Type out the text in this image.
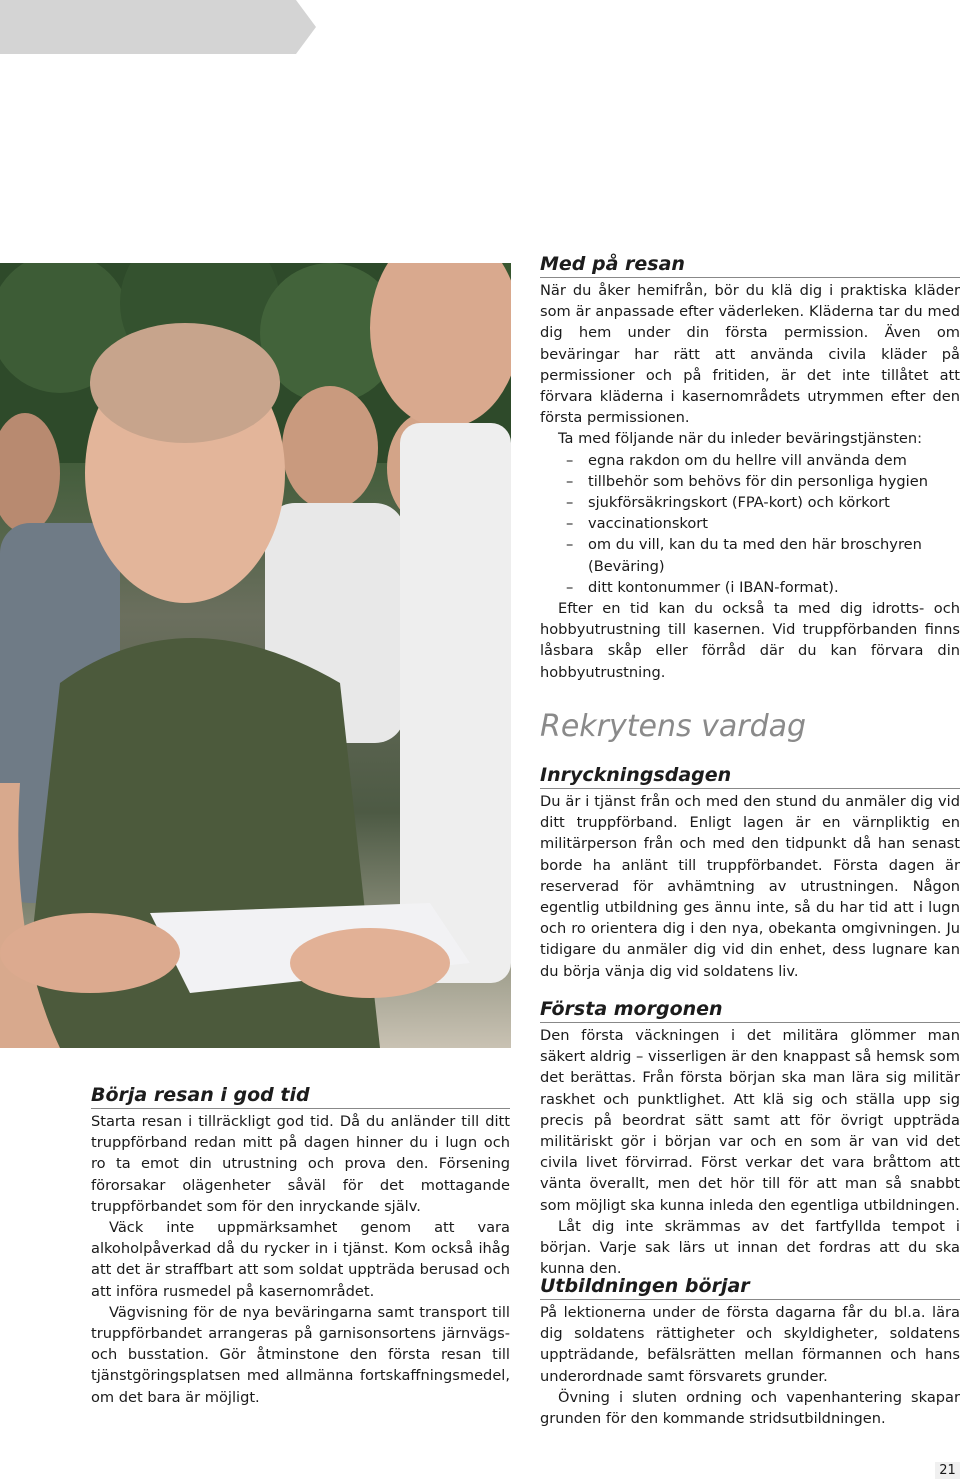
Med på resan

När du åker hemifrån, bör du klä dig i praktiska kläder som är anpassade efter väderleken. Kläderna tar du med dig hem under din första permission. Även om beväringar har rätt att använda civila kläder på permissioner och på fritiden, är det inte tillåtet att förvara kläderna i kasernområdets utrymmen efter den första permissionen.

Ta med följande när du inleder beväringstjänsten:

– egna rakdon om du hellre vill använda dem
– tillbehör som behövs för din personliga hygien
– sjukförsäkringskort (FPA-kort) och körkort
– vaccinationskort
– om du vill, kan du ta med den här broschyren (Beväring)
– ditt kontonummer (i IBAN-format).

Efter en tid kan du också ta med dig idrotts- och hobbyutrustning till kasernen. Vid truppförbanden finns låsbara skåp eller förråd där du kan förvara din hobbyutrustning.

Rekrytens vardag
Inryckningsdagen

Du är i tjänst från och med den stund du anmäler dig vid ditt truppförband. Enligt lagen är en värnpliktig en militärperson från och med den tidpunkt då han senast borde ha anlänt till truppförbandet. Första dagen är reserverad för avhämtning av utrustningen. Någon egentlig utbildning ges ännu inte, så du har tid att i lugn och ro orientera dig i den nya, obekanta omgivningen. Ju tidigare du anmäler dig vid din enhet, dess lugnare kan du börja vänja dig vid soldatens liv.

Första morgonen

Den första väckningen i det militära glömmer man säkert aldrig – visserligen är den knappast så hemsk som det berättas. Från första början ska man lära sig militär raskhet och punktlighet. Att klä sig och ställa upp sig precis på beordrat sätt samt att för övrigt uppträda militäriskt gör i början var och en som är van vid det civila livet förvirrad. Först verkar det vara bråttom att vänta överallt, men det hör till för att man så snabbt som möjligt ska kunna inleda den egentliga utbildningen.

Låt dig inte skrämmas av det fartfyllda tempot i början. Varje sak lärs ut innan det fordras att du ska kunna den.

Utbildningen börjar

På lektionerna under de första dagarna får du bl.a. lära dig soldatens rättigheter och skyldigheter, soldatens uppträdande, befälsrätten mellan förmannen och hans underordnade samt försvarets grunder.

Övning i sluten ordning och vapenhantering skapar grunden för den kommande stridsutbildningen.

Börja resan i god tid

Starta resan i tillräckligt god tid. Då du anländer till ditt truppförband redan mitt på dagen hinner du i lugn och ro ta emot din utrustning och prova den. Försening förorsakar olägenheter såväl för det mottagande truppförbandet som för den inryckande själv.

Väck inte uppmärksamhet genom att vara alkoholpåverkad då du rycker in i tjänst. Kom också ihåg att det är straffbart att som soldat uppträda berusad och att införa rusmedel på kasernområdet.

Vägvisning för de nya beväringarna samt transport till truppförbandet arrangeras på garnisonsortens järnvägs- och busstation. Gör åtminstone den första resan till tjänstgöringsplatsen med allmänna fortskaffningsmedel, om det bara är möjligt.

21
